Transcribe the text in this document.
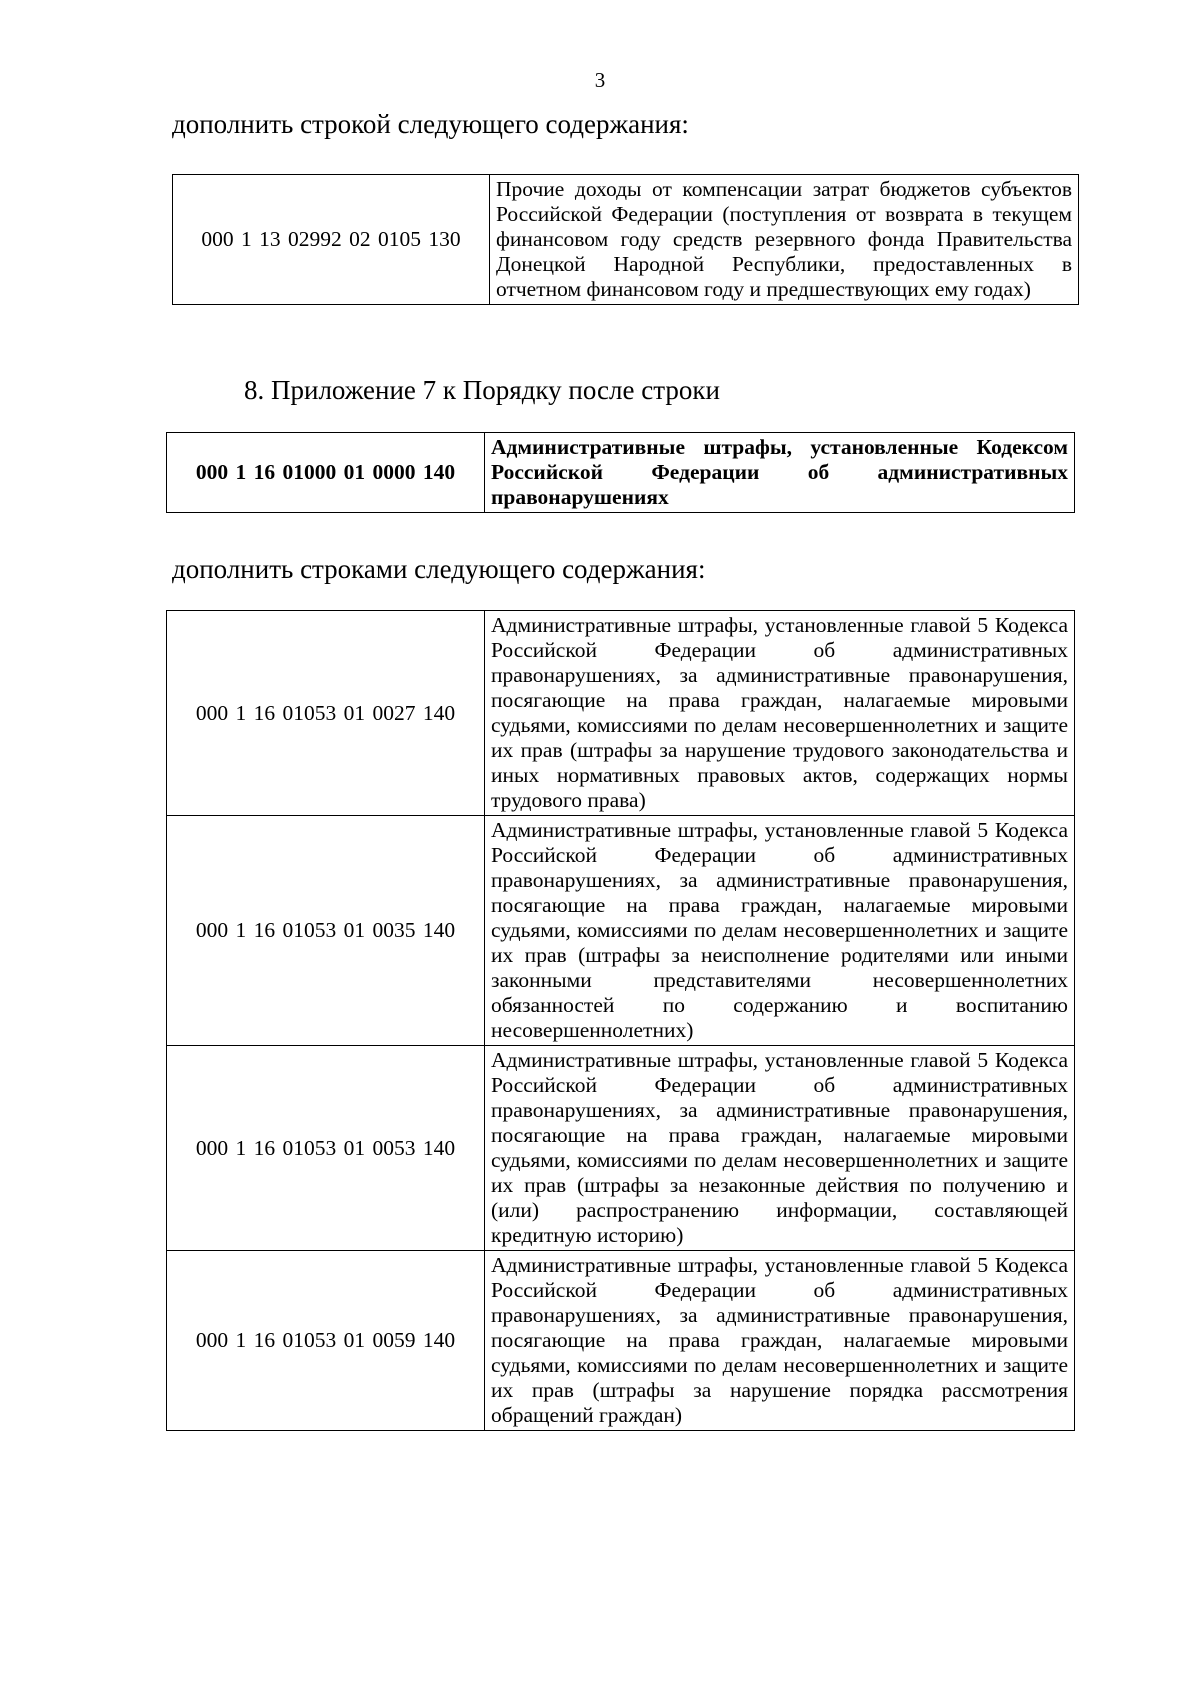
3
дополнить строкой следующего содержания:
000 1 13 02992 02 0105 130	Прочие доходы от компенсации затрат бюджетов субъектов Российской Федерации (поступления от возврата в текущем финансовом году средств резервного фонда Правительства Донецкой Народной Республики, предоставленных в отчетном финансовом году и предшествующих ему годах)
8. Приложение 7 к Порядку после строки
000 1 16 01000 01 0000 140	Административные штрафы, установленные Кодексом Российской Федерации об административных правонарушениях
дополнить строками следующего содержания:
000 1 16 01053 01 0027 140	Административные штрафы, установленные главой 5 Кодекса Российской Федерации об административных правонарушениях, за административные правонарушения, посягающие на права граждан, налагаемые мировыми судьями, комиссиями по делам несовершеннолетних и защите их прав (штрафы за нарушение трудового законодательства и иных нормативных правовых актов, содержащих нормы трудового права)
000 1 16 01053 01 0035 140	Административные штрафы, установленные главой 5 Кодекса Российской Федерации об административных правонарушениях, за административные правонарушения, посягающие на права граждан, налагаемые мировыми судьями, комиссиями по делам несовершеннолетних и защите их прав (штрафы за неисполнение родителями или иными законными представителями несовершеннолетних обязанностей по содержанию и воспитанию несовершеннолетних)
000 1 16 01053 01 0053 140	Административные штрафы, установленные главой 5 Кодекса Российской Федерации об административных правонарушениях, за административные правонарушения, посягающие на права граждан, налагаемые мировыми судьями, комиссиями по делам несовершеннолетних и защите их прав (штрафы за незаконные действия по получению и (или) распространению информации, составляющей кредитную историю)
000 1 16 01053 01 0059 140	Административные штрафы, установленные главой 5 Кодекса Российской Федерации об административных правонарушениях, за административные правонарушения, посягающие на права граждан, налагаемые мировыми судьями, комиссиями по делам несовершеннолетних и защите их прав (штрафы за нарушение порядка рассмотрения обращений граждан)
